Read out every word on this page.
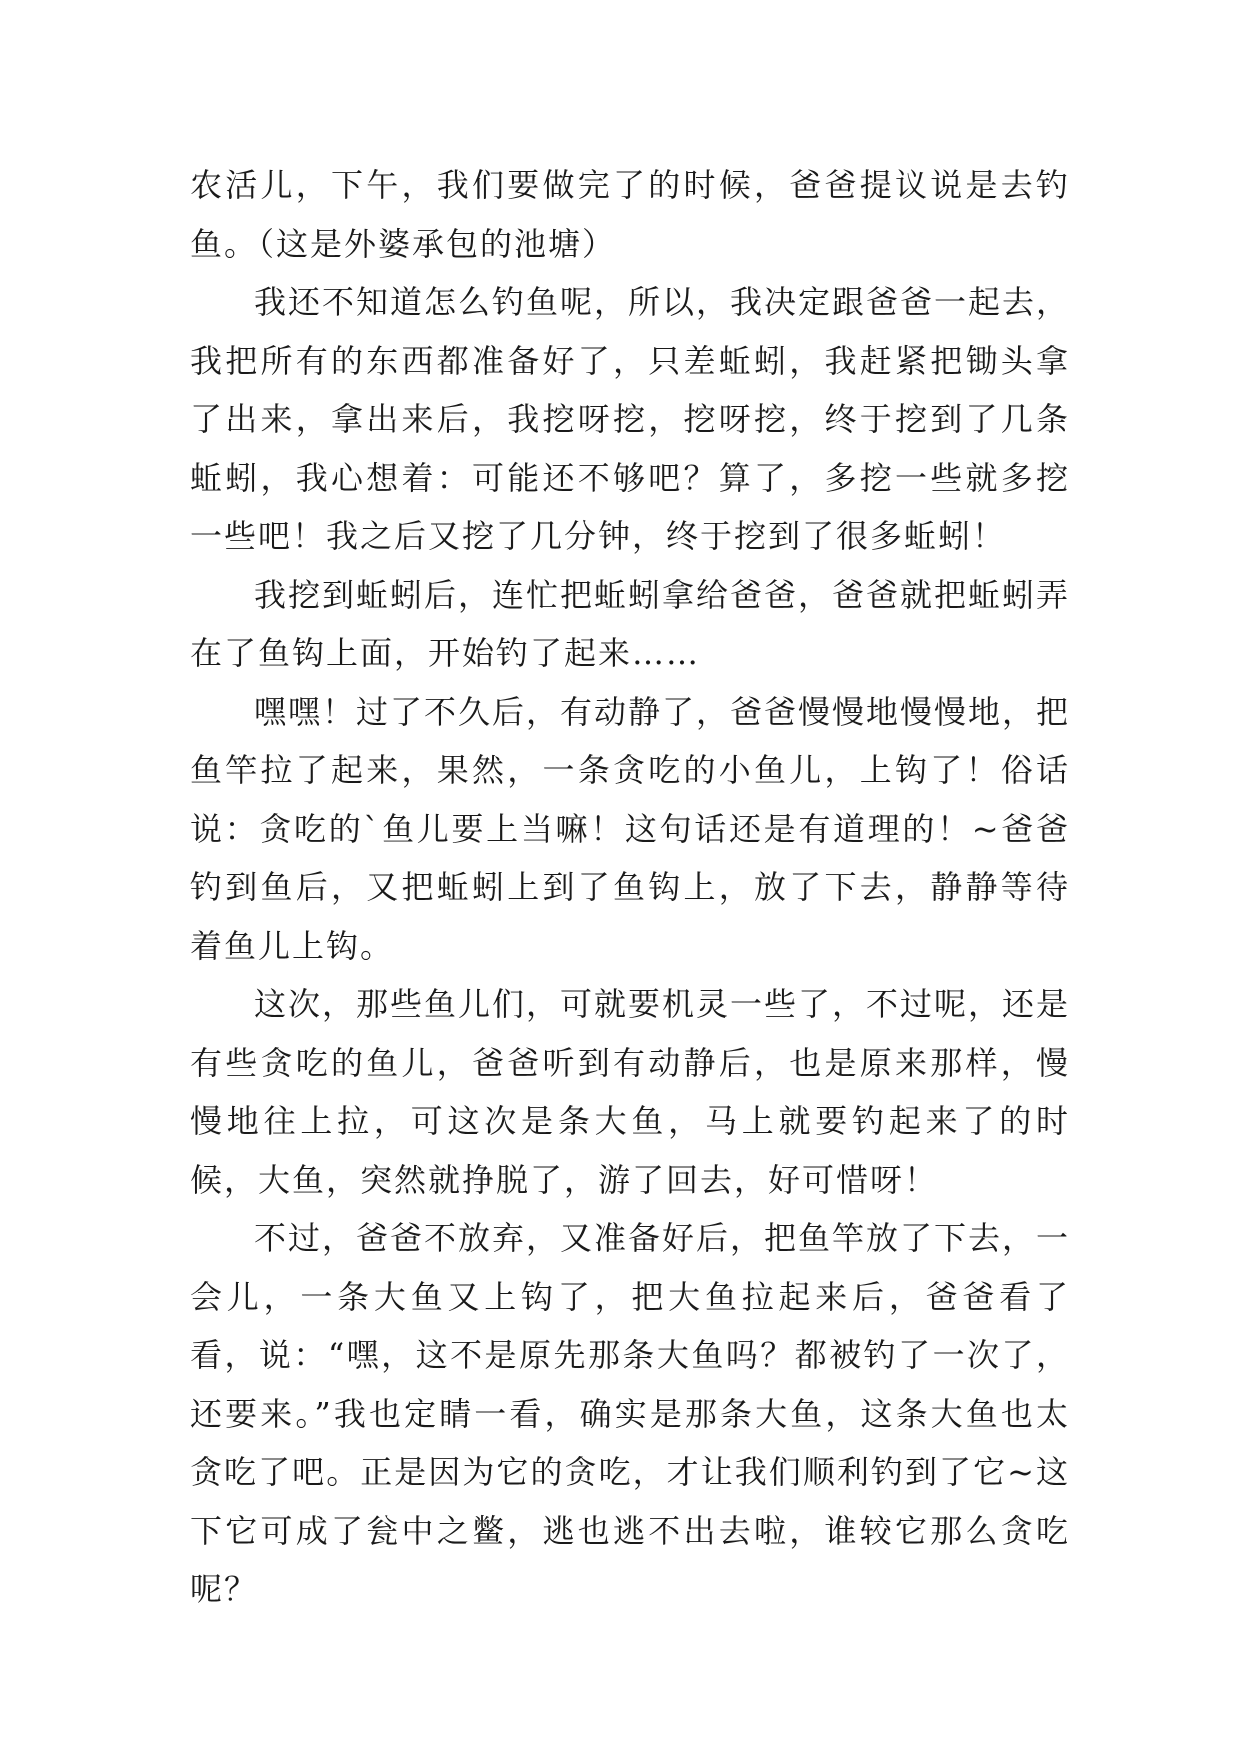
农活儿，下午，我们要做完了的时候，爸爸提议说是去钓鱼。（这是外婆承包的池塘）

我还不知道怎么钓鱼呢，所以，我决定跟爸爸一起去，我把所有的东西都准备好了，只差蚯蚓，我赶紧把锄头拿了出来，拿出来后，我挖呀挖，挖呀挖，终于挖到了几条蚯蚓，我心想着：可能还不够吧？算了，多挖一些就多挖一些吧！我之后又挖了几分钟，终于挖到了很多蚯蚓！

我挖到蚯蚓后，连忙把蚯蚓拿给爸爸，爸爸就把蚯蚓弄在了鱼钩上面，开始钓了起来……

嘿嘿！过了不久后，有动静了，爸爸慢慢地慢慢地，把鱼竿拉了起来，果然，一条贪吃的小鱼儿，上钩了！俗话说：贪吃的`鱼儿要上当嘛！这句话还是有道理的！~爸爸钓到鱼后，又把蚯蚓上到了鱼钩上，放了下去，静静等待着鱼儿上钩。

这次，那些鱼儿们，可就要机灵一些了，不过呢，还是有些贪吃的鱼儿，爸爸听到有动静后，也是原来那样，慢慢地往上拉，可这次是条大鱼，马上就要钓起来了的时候，大鱼，突然就挣脱了，游了回去，好可惜呀！

不过，爸爸不放弃，又准备好后，把鱼竿放了下去，一会儿，一条大鱼又上钩了，把大鱼拉起来后，爸爸看了看，说：“嘿，这不是原先那条大鱼吗？都被钓了一次了，还要来。”我也定睛一看，确实是那条大鱼，这条大鱼也太贪吃了吧。正是因为它的贪吃，才让我们顺利钓到了它~这下它可成了瓮中之鳖，逃也逃不出去啦，谁较它那么贪吃呢？
